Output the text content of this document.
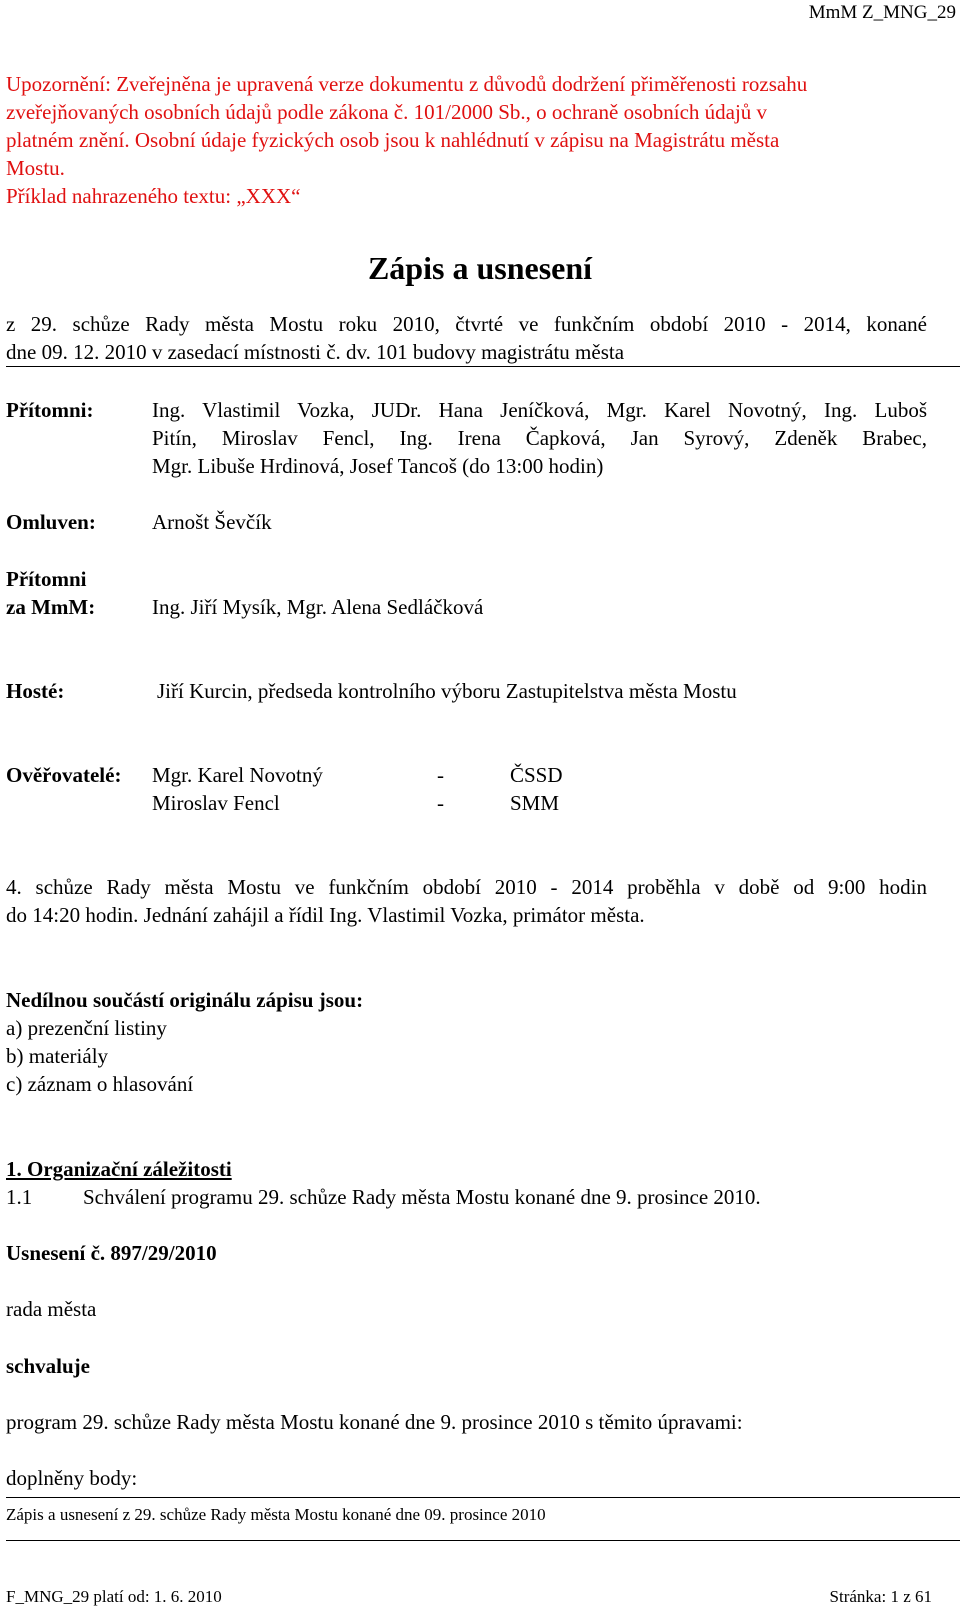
MmM Z_MNG_29
Upozornění: Zveřejněna je upravená verze dokumentu z důvodů dodržení přiměřenosti rozsahu
zveřejňovaných osobních údajů podle zákona č. 101/2000 Sb., o ochraně osobních údajů v
platném znění. Osobní údaje fyzických osob jsou k nahlédnutí v zápisu na Magistrátu města
Mostu.
Příklad nahrazeného textu: „XXX“
Zápis a usnesení
z 29. schůze Rady města Mostu roku 2010, čtvrté ve funkčním období 2010 - 2014, konané
dne 09. 12. 2010 v zasedací místnosti č. dv. 101 budovy magistrátu města
Přítomni:	Ing. Vlastimil Vozka, JUDr. Hana Jeníčková, Mgr. Karel Novotný, Ing. Luboš
Pitín, Miroslav Fencl, Ing. Irena Čapková, Jan Syrový, Zdeněk Brabec,
Mgr. Libuše Hrdinová, Josef Tancoš (do 13:00 hodin)
Omluven:	Arnošt Ševčík
Přítomni
za MmM:	Ing. Jiří Mysík, Mgr. Alena Sedláčková
Hosté:	Jiří Kurcin, předseda kontrolního výboru Zastupitelstva města Mostu
Ověřovatelé: Mgr. Karel Novotný	-	ČSSD
Miroslav Fencl	-	SMM
4. schůze Rady města Mostu ve funkčním období 2010 - 2014 proběhla v době od 9:00 hodin
do 14:20 hodin. Jednání zahájil a řídil Ing. Vlastimil Vozka, primátor města.
Nedílnou součástí originálu zápisu jsou:
a) prezenční listiny
b) materiály
c) záznam o hlasování
1. Organizační záležitosti
1.1 Schválení programu 29. schůze Rady města Mostu konané dne 9. prosince 2010.
Usnesení č. 897/29/2010
rada města
schvaluje
program 29. schůze Rady města Mostu konané dne 9. prosince 2010 s těmito úpravami:
doplněny body:
Zápis a usnesení z 29. schůze Rady města Mostu konané dne 09. prosince 2010
F_MNG_29 platí od: 1. 6. 2010	Stránka: 1 z 61
